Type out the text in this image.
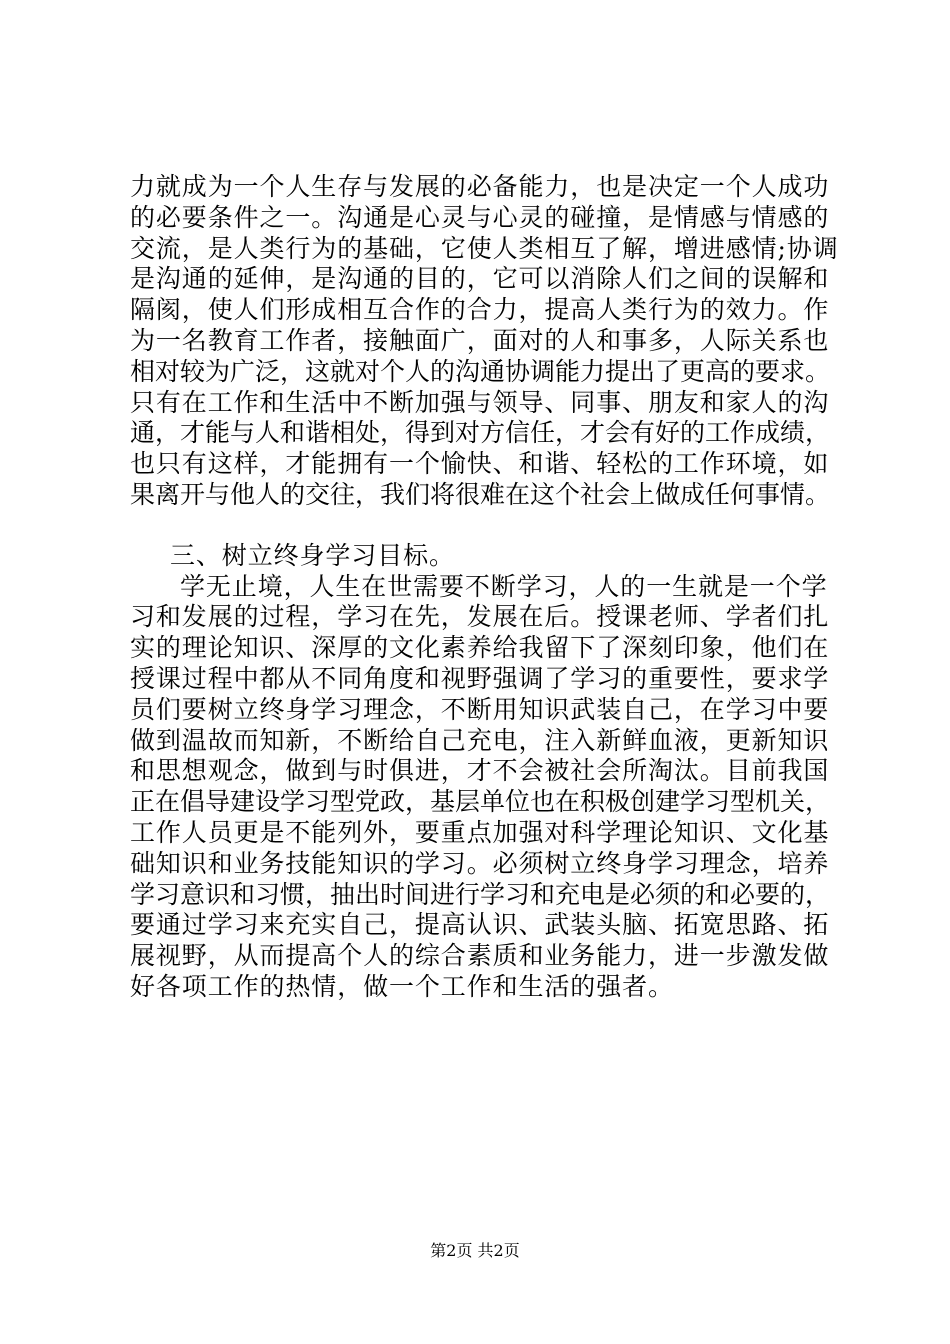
力就成为一个人生存与发展的必备能力，也是决定一个人成功
的必要条件之一。沟通是心灵与心灵的碰撞，是情感与情感的
交流，是人类行为的基础，它使人类相互了解，增进感情;协调
是沟通的延伸，是沟通的目的，它可以消除人们之间的误解和
隔阂，使人们形成相互合作的合力，提高人类行为的效力。作
为一名教育工作者，接触面广，面对的人和事多，人际关系也
相对较为广泛，这就对个人的沟通协调能力提出了更高的要求。
只有在工作和生活中不断加强与领导、同事、朋友和家人的沟
通，才能与人和谐相处，得到对方信任，才会有好的工作成绩，
也只有这样，才能拥有一个愉快、和谐、轻松的工作环境，如
果离开与他人的交往，我们将很难在这个社会上做成任何事情。
三、树立终身学习目标。
学无止境，人生在世需要不断学习，人的一生就是一个学
习和发展的过程，学习在先，发展在后。授课老师、学者们扎
实的理论知识、深厚的文化素养给我留下了深刻印象，他们在
授课过程中都从不同角度和视野强调了学习的重要性，要求学
员们要树立终身学习理念，不断用知识武装自己，在学习中要
做到温故而知新，不断给自己充电，注入新鲜血液，更新知识
和思想观念，做到与时俱进，才不会被社会所淘汰。目前我国
正在倡导建设学习型党政，基层单位也在积极创建学习型机关，
工作人员更是不能列外，要重点加强对科学理论知识、文化基
础知识和业务技能知识的学习。必须树立终身学习理念，培养
学习意识和习惯，抽出时间进行学习和充电是必须的和必要的，
要通过学习来充实自己，提高认识、武装头脑、拓宽思路、拓
展视野，从而提高个人的综合素质和业务能力，进一步激发做
好各项工作的热情，做一个工作和生活的强者。
第2页 共2页
